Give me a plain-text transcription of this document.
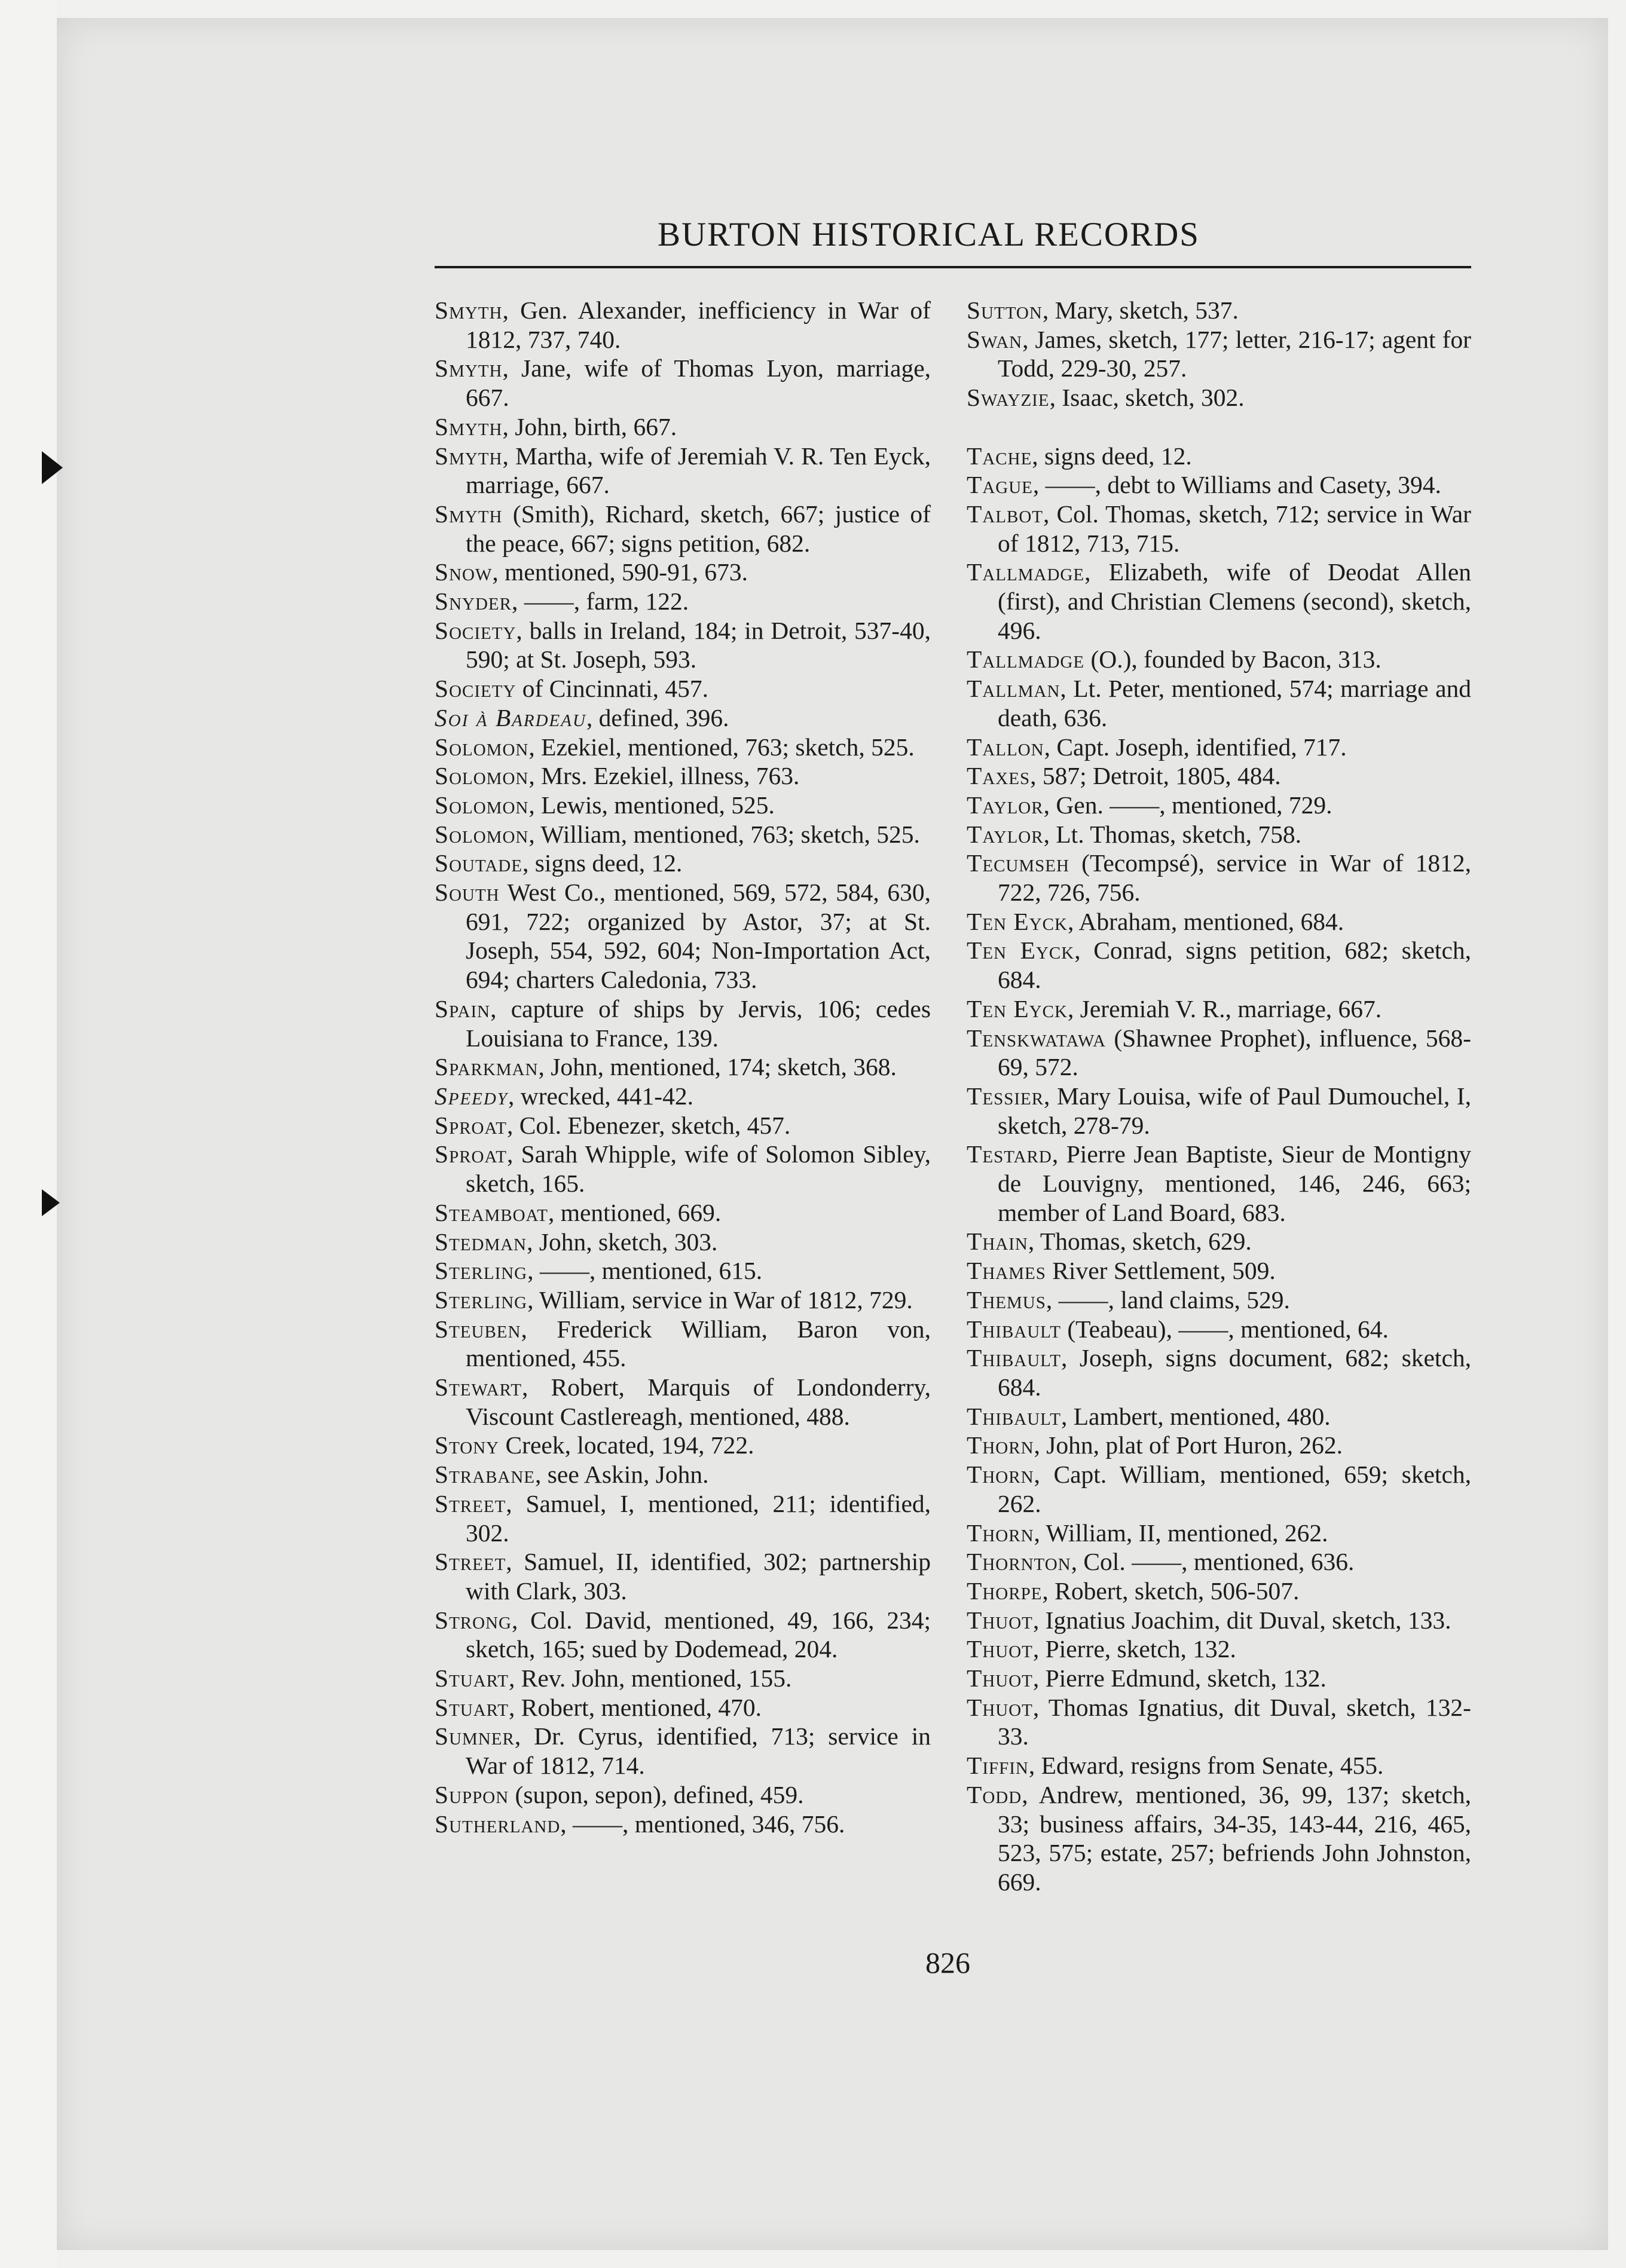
BURTON HISTORICAL RECORDS
Smyth, Gen. Alexander, inefficiency in War of 1812, 737, 740.
Smyth, Jane, wife of Thomas Lyon, marriage, 667.
Smyth, John, birth, 667.
Smyth, Martha, wife of Jeremiah V. R. Ten Eyck, marriage, 667.
Smyth (Smith), Richard, sketch, 667; justice of the peace, 667; signs petition, 682.
Snow, mentioned, 590-91, 673.
Snyder, ——, farm, 122.
Society, balls in Ireland, 184; in Detroit, 537-40, 590; at St. Joseph, 593.
Society of Cincinnati, 457.
Soi à Bardeau, defined, 396.
Solomon, Ezekiel, mentioned, 763; sketch, 525.
Solomon, Mrs. Ezekiel, illness, 763.
Solomon, Lewis, mentioned, 525.
Solomon, William, mentioned, 763; sketch, 525.
Soutade, signs deed, 12.
South West Co., mentioned, 569, 572, 584, 630, 691, 722; organized by Astor, 37; at St. Joseph, 554, 592, 604; Non-Importation Act, 694; charters Caledonia, 733.
Spain, capture of ships by Jervis, 106; cedes Louisiana to France, 139.
Sparkman, John, mentioned, 174; sketch, 368.
Speedy, wrecked, 441-42.
Sproat, Col. Ebenezer, sketch, 457.
Sproat, Sarah Whipple, wife of Solomon Sibley, sketch, 165.
Steamboat, mentioned, 669.
Stedman, John, sketch, 303.
Sterling, ——, mentioned, 615.
Sterling, William, service in War of 1812, 729.
Steuben, Frederick William, Baron von, mentioned, 455.
Stewart, Robert, Marquis of Londonderry, Viscount Castlereagh, mentioned, 488.
Stony Creek, located, 194, 722.
Strabane, see Askin, John.
Street, Samuel, I, mentioned, 211; identified, 302.
Street, Samuel, II, identified, 302; partnership with Clark, 303.
Strong, Col. David, mentioned, 49, 166, 234; sketch, 165; sued by Dodemead, 204.
Stuart, Rev. John, mentioned, 155.
Stuart, Robert, mentioned, 470.
Sumner, Dr. Cyrus, identified, 713; service in War of 1812, 714.
Suppon (supon, sepon), defined, 459.
Sutherland, ——, mentioned, 346, 756.
Sutton, Mary, sketch, 537.
Swan, James, sketch, 177; letter, 216-17; agent for Todd, 229-30, 257.
Swayzie, Isaac, sketch, 302.
Tache, signs deed, 12.
Tague, ——, debt to Williams and Casety, 394.
Talbot, Col. Thomas, sketch, 712; service in War of 1812, 713, 715.
Tallmadge, Elizabeth, wife of Deodat Allen (first), and Christian Clemens (second), sketch, 496.
Tallmadge (O.), founded by Bacon, 313.
Tallman, Lt. Peter, mentioned, 574; marriage and death, 636.
Tallon, Capt. Joseph, identified, 717.
Taxes, 587; Detroit, 1805, 484.
Taylor, Gen. ——, mentioned, 729.
Taylor, Lt. Thomas, sketch, 758.
Tecumseh (Tecompsé), service in War of 1812, 722, 726, 756.
Ten Eyck, Abraham, mentioned, 684.
Ten Eyck, Conrad, signs petition, 682; sketch, 684.
Ten Eyck, Jeremiah V. R., marriage, 667.
Tenskwatawa (Shawnee Prophet), influence, 568-69, 572.
Tessier, Mary Louisa, wife of Paul Dumouchel, I, sketch, 278-79.
Testard, Pierre Jean Baptiste, Sieur de Montigny de Louvigny, mentioned, 146, 246, 663; member of Land Board, 683.
Thain, Thomas, sketch, 629.
Thames River Settlement, 509.
Themus, ——, land claims, 529.
Thibault (Teabeau), ——, mentioned, 64.
Thibault, Joseph, signs document, 682; sketch, 684.
Thibault, Lambert, mentioned, 480.
Thorn, John, plat of Port Huron, 262.
Thorn, Capt. William, mentioned, 659; sketch, 262.
Thorn, William, II, mentioned, 262.
Thornton, Col. ——, mentioned, 636.
Thorpe, Robert, sketch, 506-507.
Thuot, Ignatius Joachim, dit Duval, sketch, 133.
Thuot, Pierre, sketch, 132.
Thuot, Pierre Edmund, sketch, 132.
Thuot, Thomas Ignatius, dit Duval, sketch, 132-33.
Tiffin, Edward, resigns from Senate, 455.
Todd, Andrew, mentioned, 36, 99, 137; sketch, 33; business affairs, 34-35, 143-44, 216, 465, 523, 575; estate, 257; befriends John Johnston, 669.
826
